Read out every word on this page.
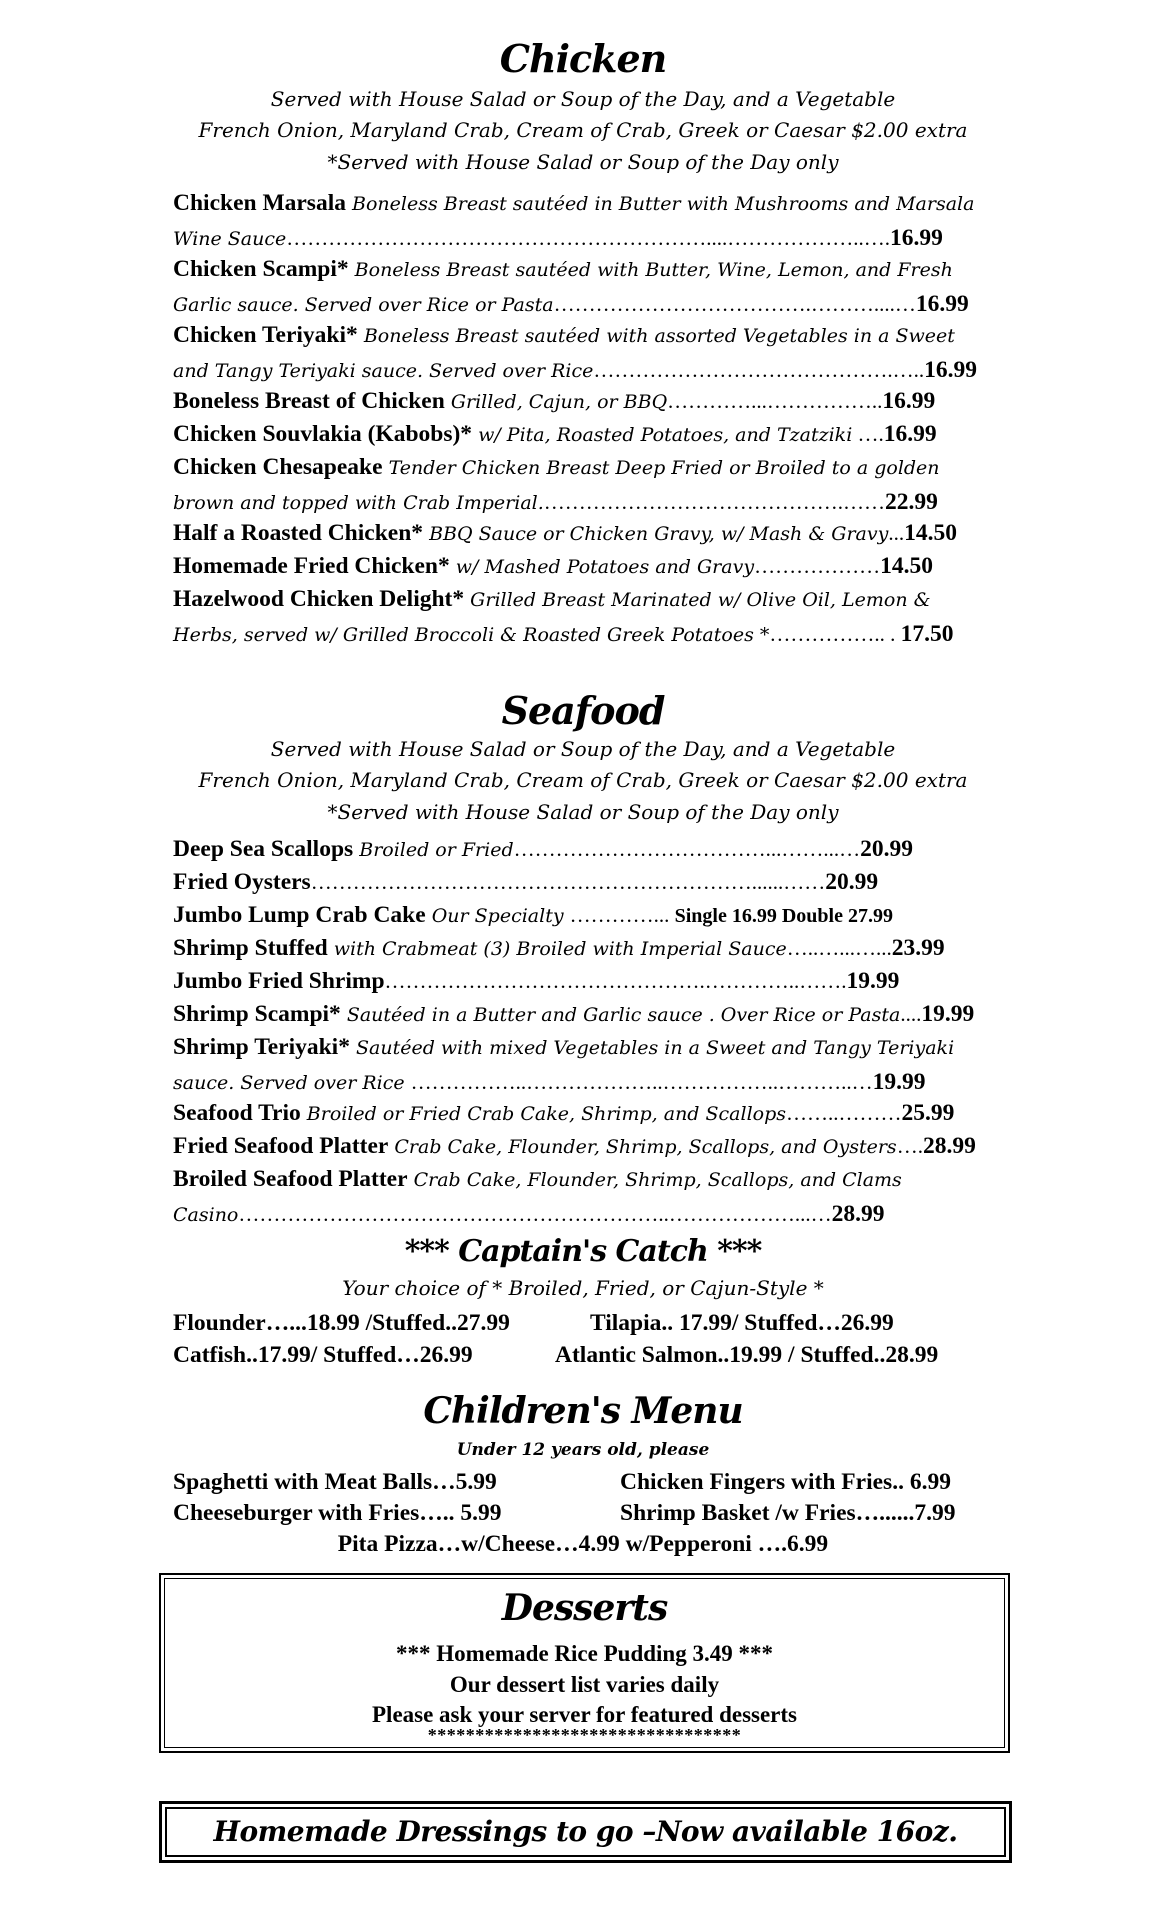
Chicken
Served with House Salad or Soup of the Day, and a Vegetable
French Onion, Maryland Crab, Cream of Crab, Greek or Caesar $2.00 extra
*Served with House Salad or Soup of the Day only
Chicken Marsala Boneless Breast sautéed in Butter with Mushrooms and Marsala
Wine Sauce……………………………………………………....………………..….16.99
Chicken Scampi* Boneless Breast sautéed with Butter, Wine, Lemon, and Fresh
Garlic sauce. Served over Rice or Pasta……………………………….………....…16.99
Chicken Teriyaki* Boneless Breast sautéed with assorted Vegetables in a Sweet
and Tangy Teriyaki sauce. Served over Rice…………………………………….…..16.99
Boneless Breast of Chicken Grilled, Cajun, or BBQ…………...……………..16.99
Chicken Souvlakia (Kabobs)* w/ Pita, Roasted Potatoes, and Tzatziki ….16.99
Chicken Chesapeake Tender Chicken Breast Deep Fried or Broiled to a golden
brown and topped with Crab Imperial.…………………………………….……22.99
Half a Roasted Chicken* BBQ Sauce or Chicken Gravy, w/ Mash & Gravy...14.50
Homemade Fried Chicken* w/ Mashed Potatoes and Gravy………………14.50
Hazelwood Chicken Delight* Grilled Breast Marinated w/ Olive Oil, Lemon &
Herbs, served w/ Grilled Broccoli & Roasted Greek Potatoes *…………….. . 17.50
Seafood
Served with House Salad or Soup of the Day, and a Vegetable
French Onion, Maryland Crab, Cream of Crab, Greek or Caesar $2.00 extra
*Served with House Salad or Soup of the Day only
Deep Sea Scallops Broiled or Fried………………………………...……...…20.99
Fried Oysters………………………………………………………......……20.99
Jumbo Lump Crab Cake Our Specialty …………... Single 16.99 Double 27.99
Shrimp Stuffed with Crabmeat (3) Broiled with Imperial Sauce…..…...…...23.99
Jumbo Fried Shrimp……………………………………….…………..…….19.99
Shrimp Scampi* Sautéed in a Butter and Garlic sauce . Over Rice or Pasta....19.99
Shrimp Teriyaki* Sautéed with mixed Vegetables in a Sweet and Tangy Teriyaki
sauce. Served over Rice ……………..………………..……………..………..…19.99
Seafood Trio Broiled or Fried Crab Cake, Shrimp, and Scallops……..………25.99
Fried Seafood Platter Crab Cake, Flounder, Shrimp, Scallops, and Oysters….28.99
Broiled Seafood Platter Crab Cake, Flounder, Shrimp, Scallops, and Clams
Casino……………………………………………………..………………...…28.99
*** Captain's Catch ***
Your choice of * Broiled, Fried, or Cajun-Style *
Flounder…...18.99 /Stuffed..27.99	Tilapia.. 17.99/ Stuffed…26.99
Catfish..17.99/ Stuffed…26.99	Atlantic Salmon..19.99 / Stuffed..28.99
Children's Menu
Under 12 years old, please
Spaghetti with Meat Balls…5.99	Chicken Fingers with Fries.. 6.99
Cheeseburger with Fries….. 5.99	Shrimp Basket /w Fries…......7.99
Pita Pizza…w/Cheese…4.99 w/Pepperoni ….6.99
Desserts
*** Homemade Rice Pudding 3.49 ***
Our dessert list varies daily
Please ask your server for featured desserts
*********************************
Homemade Dressings to go –Now available 16oz.
